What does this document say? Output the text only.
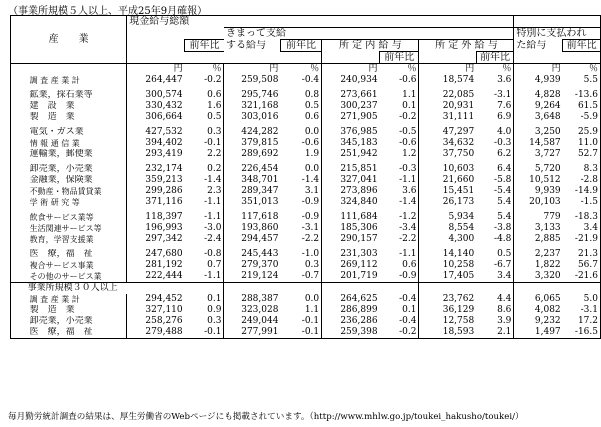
（事業所規模５人以上、平成25年9月確報）
産　　業		現金給与総額									
				きまって支給						特別に支払われ	
			前年比	する給与	前年比	所 定 内 給 与		所 定 外 給 与		た給与	前年比
							前年比		前年比		
		円	％	円	％	円	％	円	％	円	％
	調 査 産 業 計	264,447	-0.2	259,508	-0.4	240,934	-0.6	18,574	3.6	4,939	5.5

	鉱業，採石業等	300,574	0.6	295,746	0.8	273,661	1.1	22,085	-3.1	4,828	-13.6
	建　設　業	330,432	1.6	321,168	0.5	300,237	0.1	20,931	7.6	9,264	61.5
	製　造　業	306,664	0.5	303,016	0.6	271,905	-0.2	31,111	6.9	3,648	-5.9

	電気・ガス業	427,532	0.3	424,282	0.0	376,985	-0.5	47,297	4.0	3,250	25.9
	情 報 通 信 業	394,402	-0.1	379,815	-0.6	345,183	-0.6	34,632	-0.3	14,587	11.0
	運輸業，郵便業	293,419	2.2	289,692	1.9	251,942	1.2	37,750	6.2	3,727	52.7

	卸売業，小売業	232,174	0.2	226,454	0.0	215,851	-0.3	10,603	6.4	5,720	8.3
	金融業，保険業	359,213	-1.4	348,701	-1.4	327,041	-1.1	21,660	-5.8	10,512	-2.8
	不動産・物品賃貸業	299,286	2.3	289,347	3.1	273,896	3.6	15,451	-5.4	9,939	-14.9
	学 術 研 究 等	371,116	-1.1	351,013	-0.9	324,840	-1.4	26,173	5.4	20,103	-1.5

	飲食サービス業等	118,397	-1.1	117,618	-0.9	111,684	-1.2	5,934	5.4	779	-18.3
	生活関連サービス等	196,993	-3.0	193,860	-3.1	185,306	-3.4	8,554	-3.8	3,133	3.4
	教育，学習支援業	297,342	-2.4	294,457	-2.2	290,157	-2.2	4,300	-4.8	2,885	-21.9

	医　療，福　祉	247,680	-0.8	245,443	-1.0	231,303	-1.1	14,140	0.5	2,237	21.3
	複合サービス事業	281,192	0.7	279,370	0.3	269,112	0.6	10,258	-6.7	1,822	56.7
	その他のサービス業	222,444	-1.1	219,124	-0.7	201,719	-0.9	17,405	3.4	3,320	-21.6
	事業所規模３０人以上										
	調 査 産 業 計	294,452	0.1	288,387	0.0	264,625	-0.4	23,762	4.4	6,065	5.0
	製　造　業	327,110	0.9	323,028	1.1	286,899	0.1	36,129	8.6	4,082	-3.1
	卸売業，小売業	258,276	0.3	249,044	-0.1	236,286	-0.4	12,758	3.9	9,232	17.2
	医　療，福　祉	279,488	-0.1	277,991	-0.1	259,398	-0.2	18,593	2.1	1,497	-16.5
毎月勤労統計調査の結果は、厚生労働省のWebページにも掲載されています。（http://www.mhlw.go.jp/toukei_hakusho/toukei/）
